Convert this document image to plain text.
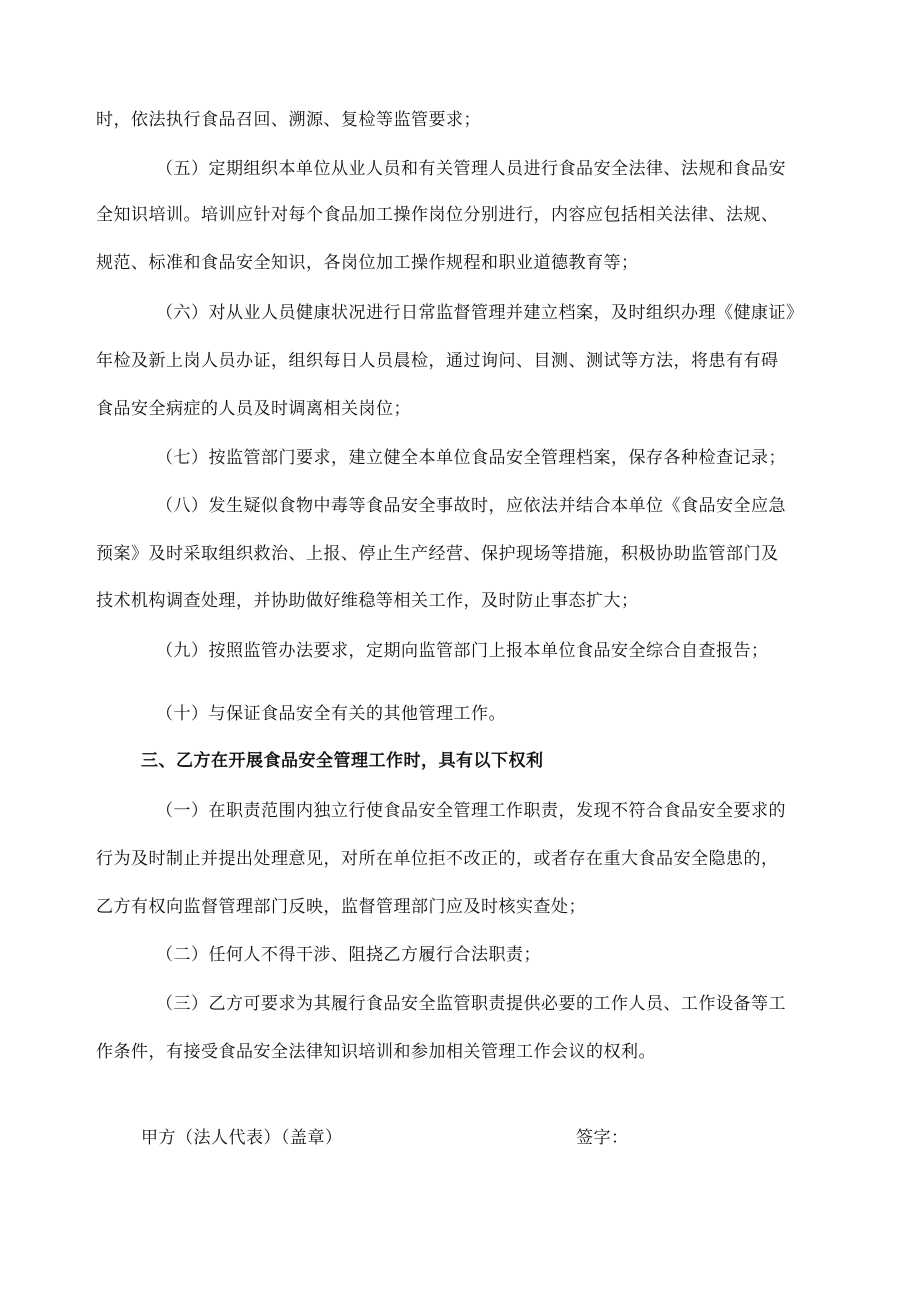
时，依法执行食品召回、溯源、复检等监管要求；
（五）定期组织本单位从业人员和有关管理人员进行食品安全法律、法规和食品安
全知识培训。培训应针对每个食品加工操作岗位分别进行，内容应包括相关法律、法规、
规范、标准和食品安全知识，各岗位加工操作规程和职业道德教育等；
（六）对从业人员健康状况进行日常监督管理并建立档案，及时组织办理《健康证》
年检及新上岗人员办证，组织每日人员晨检，通过询问、目测、测试等方法，将患有有碍
食品安全病症的人员及时调离相关岗位；
（七）按监管部门要求，建立健全本单位食品安全管理档案，保存各种检查记录；
（八）发生疑似食物中毒等食品安全事故时，应依法并结合本单位《食品安全应急
预案》及时采取组织救治、上报、停止生产经营、保护现场等措施，积极协助监管部门及
技术机构调查处理，并协助做好维稳等相关工作，及时防止事态扩大；
（九）按照监管办法要求，定期向监管部门上报本单位食品安全综合自查报告；
（十）与保证食品安全有关的其他管理工作。
三、乙方在开展食品安全管理工作时，具有以下权利
（一）在职责范围内独立行使食品安全管理工作职责，发现不符合食品安全要求的
行为及时制止并提出处理意见，对所在单位拒不改正的，或者存在重大食品安全隐患的，
乙方有权向监督管理部门反映，监督管理部门应及时核实查处；
（二）任何人不得干涉、阻挠乙方履行合法职责；
（三）乙方可要求为其履行食品安全监管职责提供必要的工作人员、工作设备等工
作条件，有接受食品安全法律知识培训和参加相关管理工作会议的权利。
甲方（法人代表）（盖章）	签字：
